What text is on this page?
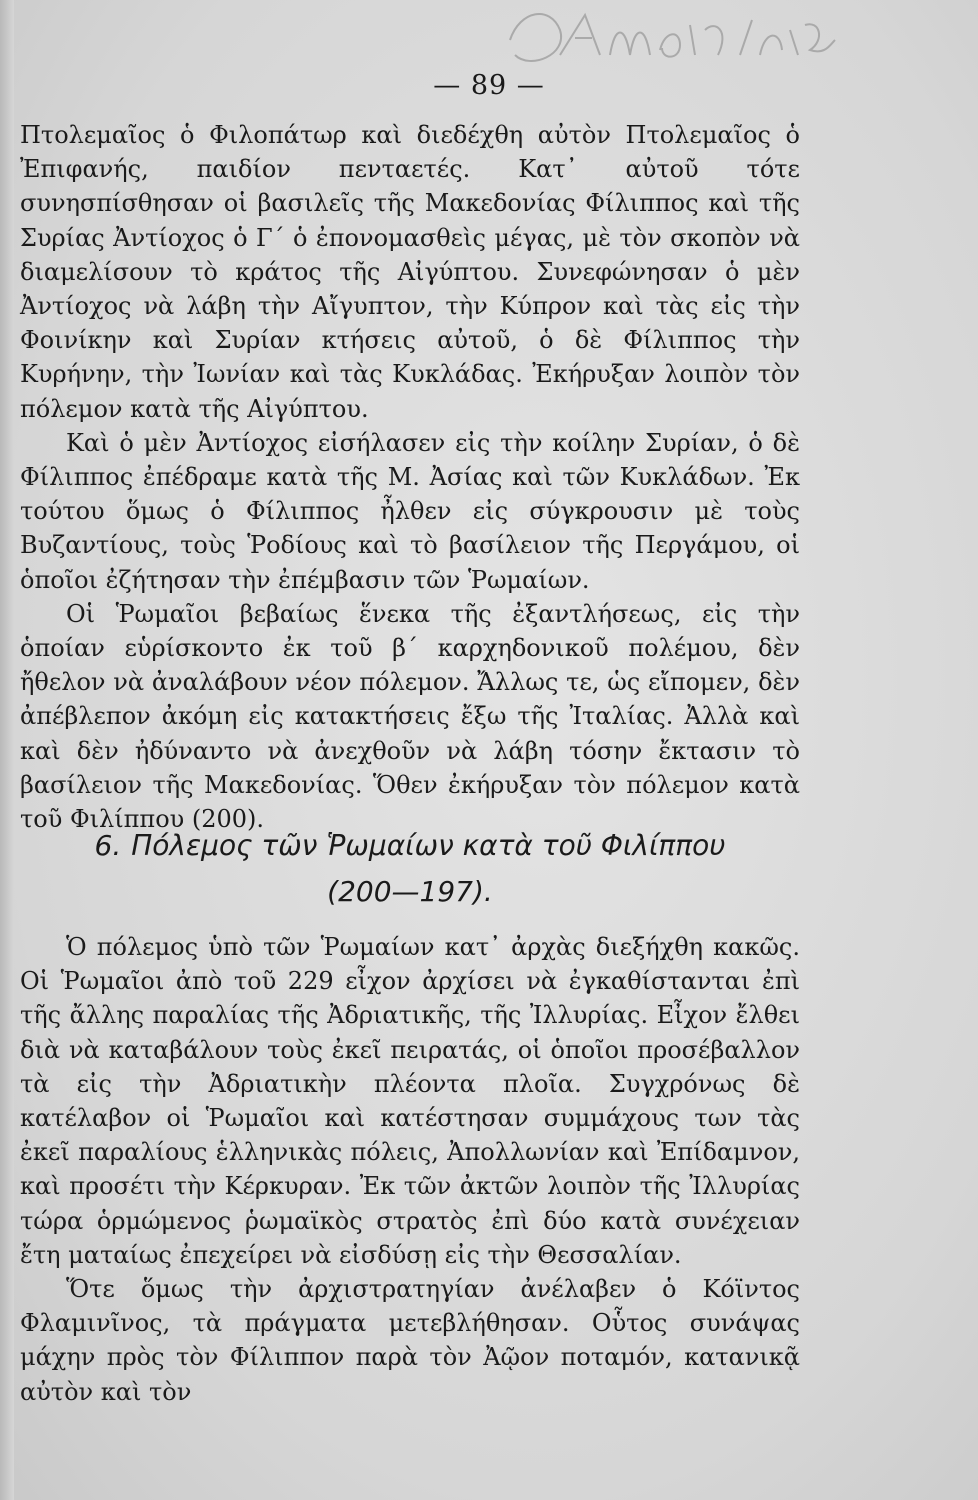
— 89 —

Πτολεμαῖος ὁ Φιλοπάτωρ καὶ διεδέχθη αὐτὸν Πτολεμαῖος ὁ Ἐπιφανής, παιδίον πενταετές. Κατ᾽ αὐτοῦ τότε συνησπίσθησαν οἱ βασιλεῖς τῆς Μακεδονίας Φίλιππος καὶ τῆς Συρίας Ἀντίοχος ὁ Γ´ ὁ ἐπονομασθεὶς μέγας, μὲ τὸν σκοπὸν νὰ διαμελίσουν τὸ κράτος τῆς Αἰγύπτου. Συνεφώνησαν ὁ μὲν Ἀντίοχος νὰ λάβη τὴν Αἴγυπτον, τὴν Κύπρον καὶ τὰς εἰς τὴν Φοινίκην καὶ Συρίαν κτήσεις αὐτοῦ, ὁ δὲ Φίλιππος τὴν Κυρήνην, τὴν Ἰωνίαν καὶ τὰς Κυκλάδας. Ἐκήρυξαν λοιπὸν τὸν πόλεμον κατὰ τῆς Αἰγύπτου.

Καὶ ὁ μὲν Ἀντίοχος εἰσήλασεν εἰς τὴν κοίλην Συρίαν, ὁ δὲ Φίλιππος ἐπέδραμε κατὰ τῆς Μ. Ἀσίας καὶ τῶν Κυκλάδων. Ἐκ τούτου ὅμως ὁ Φίλιππος ἦλθεν εἰς σύγκρουσιν μὲ τοὺς Βυζαντίους, τοὺς Ῥοδίους καὶ τὸ βασίλειον τῆς Περγάμου, οἱ ὁποῖοι ἐζήτησαν τὴν ἐπέμβασιν τῶν Ῥωμαίων.

Οἱ Ῥωμαῖοι βεβαίως ἕνεκα τῆς ἐξαντλήσεως, εἰς τὴν ὁποίαν εὑρίσκοντο ἐκ τοῦ β´ καρχηδονικοῦ πολέμου, δὲν ἤθελον νὰ ἀναλάβουν νέον πόλεμον. Ἄλλως τε, ὡς εἴπομεν, δὲν ἀπέβλεπον ἀκόμη εἰς κατακτήσεις ἔξω τῆς Ἰταλίας. Ἀλλὰ καὶ καὶ δὲν ἠδύναντο νὰ ἀνεχθοῦν νὰ λάβη τόσην ἔκτασιν τὸ βασίλειον τῆς Μακεδονίας. Ὅθεν ἐκήρυξαν τὸν πόλεμον κατὰ τοῦ Φιλίππου (200).

6. Πόλεμος τῶν Ῥωμαίων κατὰ τοῦ Φιλίππου
(200—197).

Ὁ πόλεμος ὑπὸ τῶν Ῥωμαίων κατ᾽ ἀρχὰς διεξήχθη κακῶς. Οἱ Ῥωμαῖοι ἀπὸ τοῦ 229 εἶχον ἀρχίσει νὰ ἐγκαθίστανται ἐπὶ τῆς ἄλλης παραλίας τῆς Ἀδριατικῆς, τῆς Ἰλλυρίας. Εἶχον ἔλθει διὰ νὰ καταβάλουν τοὺς ἐκεῖ πειρατάς, οἱ ὁποῖοι προσέβαλλον τὰ εἰς τὴν Ἀδριατικὴν πλέοντα πλοῖα. Συγχρόνως δὲ κατέλαβον οἱ Ῥωμαῖοι καὶ κατέστησαν συμμάχους των τὰς ἐκεῖ παραλίους ἑλληνικὰς πόλεις, Ἀπολλωνίαν καὶ Ἐπίδαμνον, καὶ προσέτι τὴν Κέρκυραν. Ἐκ τῶν ἀκτῶν λοιπὸν τῆς Ἰλλυρίας τώρα ὁρμώμενος ῥωμαϊκὸς στρατὸς ἐπὶ δύο κατὰ συνέχειαν ἔτη ματαίως ἐπεχείρει νὰ εἰσδύσῃ εἰς τὴν Θεσσαλίαν.

Ὅτε ὅμως τὴν ἀρχιστρατηγίαν ἀνέλαβεν ὁ Κόϊντος Φλαμινῖνος, τὰ πράγματα μετεβλήθησαν. Οὗτος συνάψας μάχην πρὸς τὸν Φίλιππον παρὰ τὸν Ἀῷον ποταμόν, κατανικᾷ αὐτὸν καὶ τὸν
